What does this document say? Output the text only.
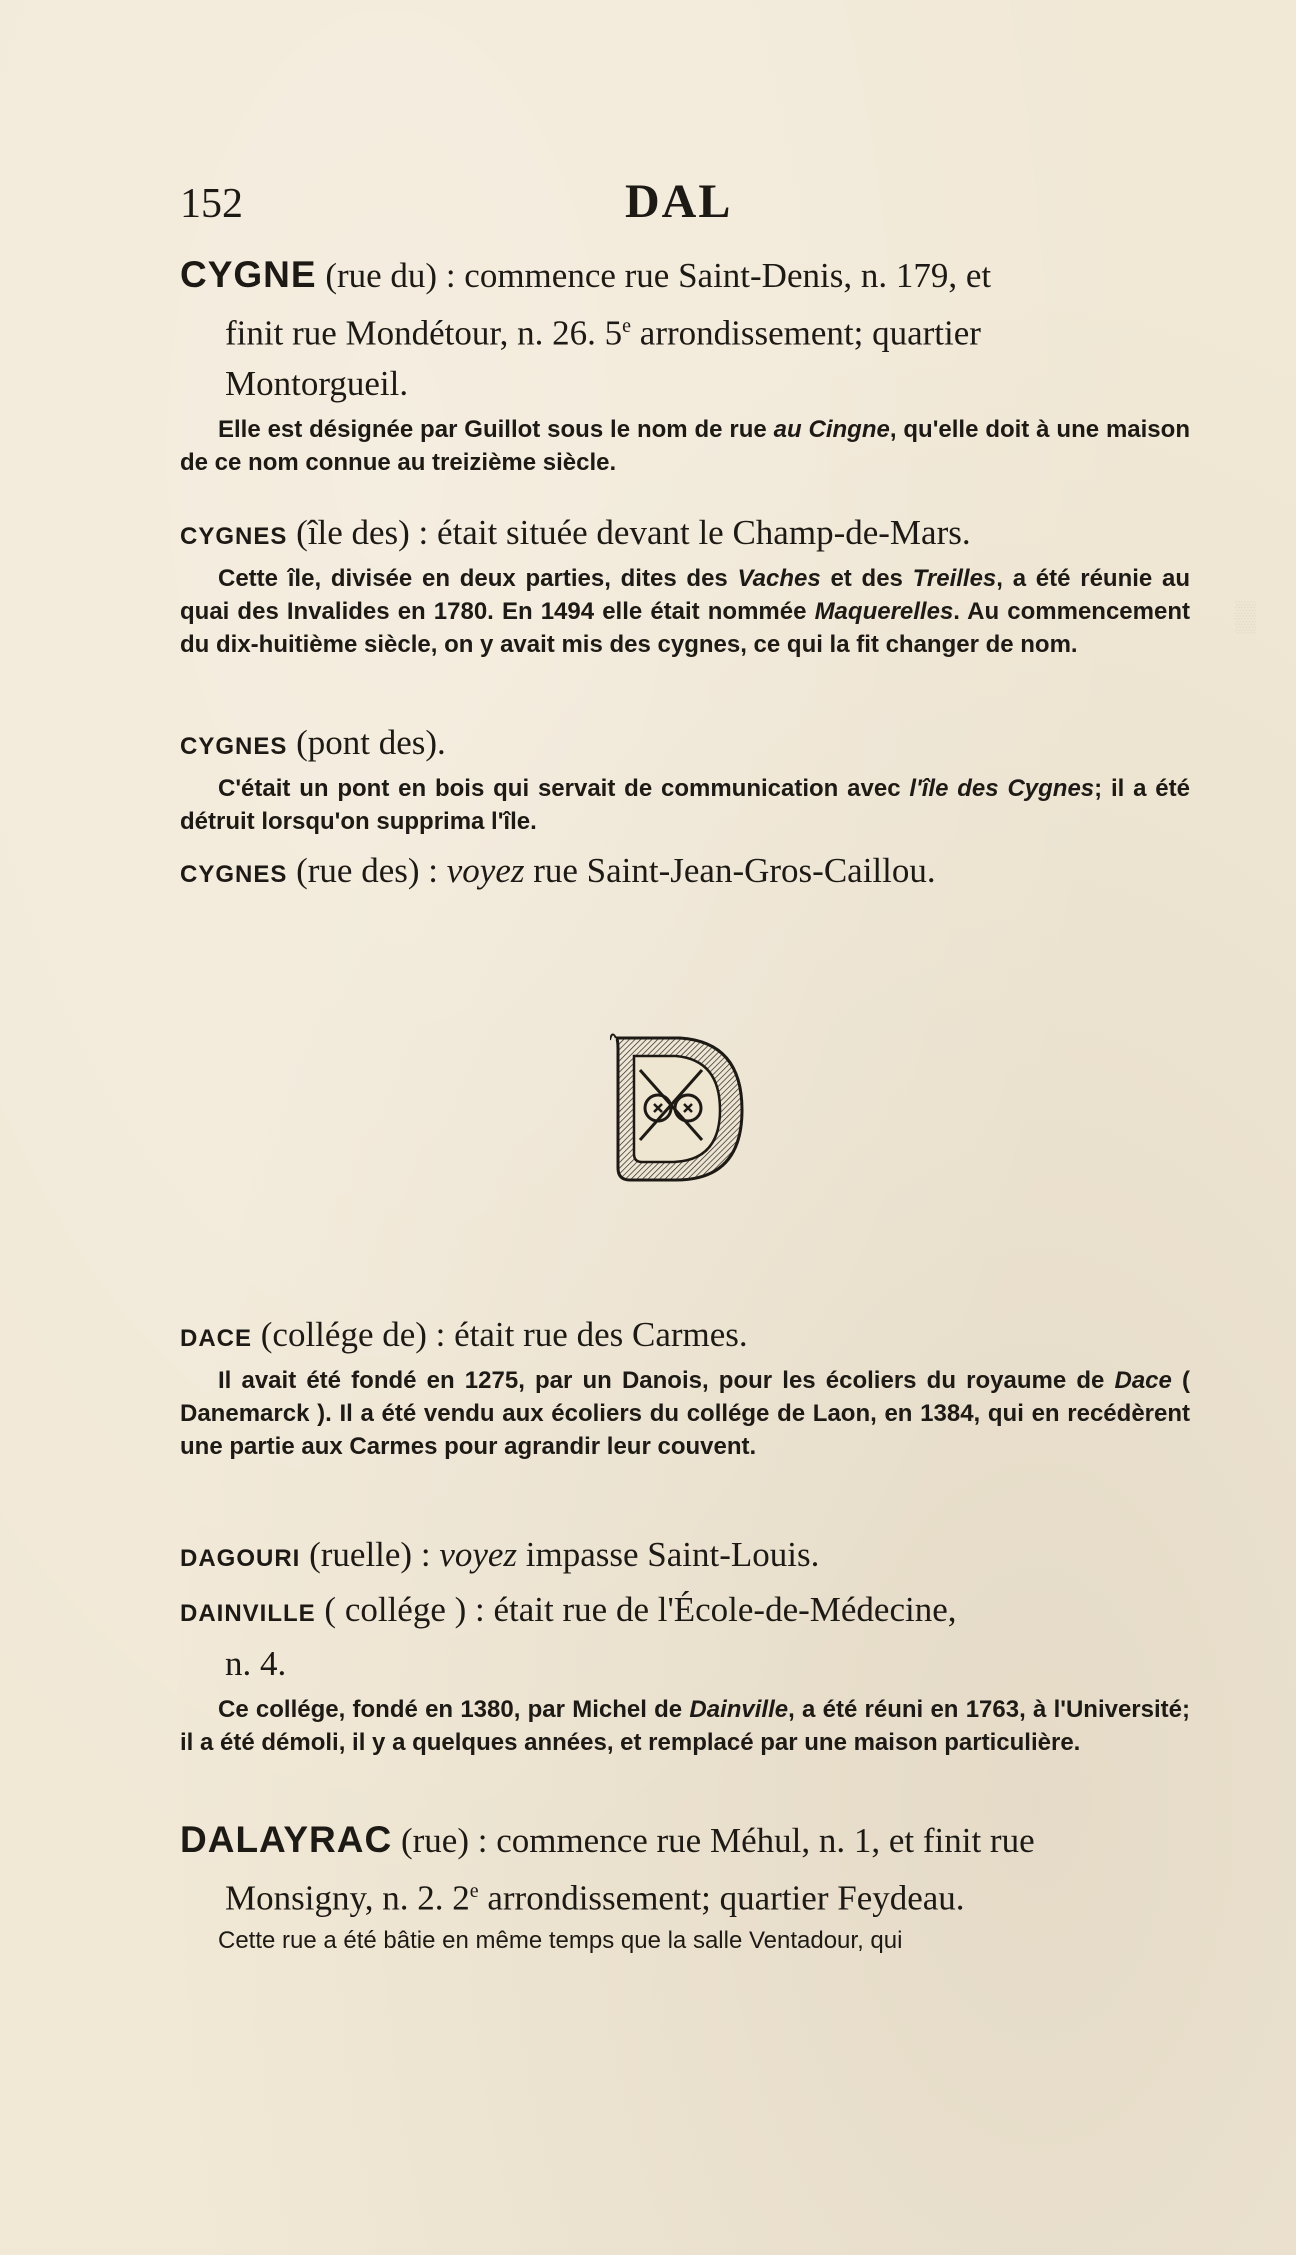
▒
152	DAL

CYGNE (rue du) : commence rue Saint-Denis, n. 179, et

finit rue Mondétour, n. 26. 5e arrondissement; quartier

Montorgueil.

Elle est désignée par Guillot sous le nom de rue au Cingne, qu'elle doit à une maison de ce nom connue au treizième siècle.

CYGNES (île des) : était située devant le Champ-de-Mars.

Cette île, divisée en deux parties, dites des Vaches et des Treilles, a été réunie au quai des Invalides en 1780. En 1494 elle était nommée Maquerelles. Au commencement du dix-huitième siècle, on y avait mis des cygnes, ce qui la fit changer de nom.

CYGNES (pont des).

C'était un pont en bois qui servait de communication avec l'île des Cygnes; il a été détruit lorsqu'on supprima l'île.

CYGNES (rue des) : voyez rue Saint-Jean-Gros-Caillou.

DACE (collége de) : était rue des Carmes.

Il avait été fondé en 1275, par un Danois, pour les écoliers du royaume de Dace ( Danemarck ). Il a été vendu aux écoliers du collége de Laon, en 1384, qui en recédèrent une partie aux Carmes pour agrandir leur couvent.

DAGOURI (ruelle) : voyez impasse Saint-Louis.

DAINVILLE ( collége ) : était rue de l'École-de-Médecine,

n. 4.

Ce collége, fondé en 1380, par Michel de Dainville, a été réuni en 1763, à l'Université; il a été démoli, il y a quelques années, et remplacé par une maison particulière.

DALAYRAC (rue) : commence rue Méhul, n. 1, et finit rue

Monsigny, n. 2. 2e arrondissement; quartier Feydeau.

Cette rue a été bâtie en même temps que la salle Ventadour, qui
